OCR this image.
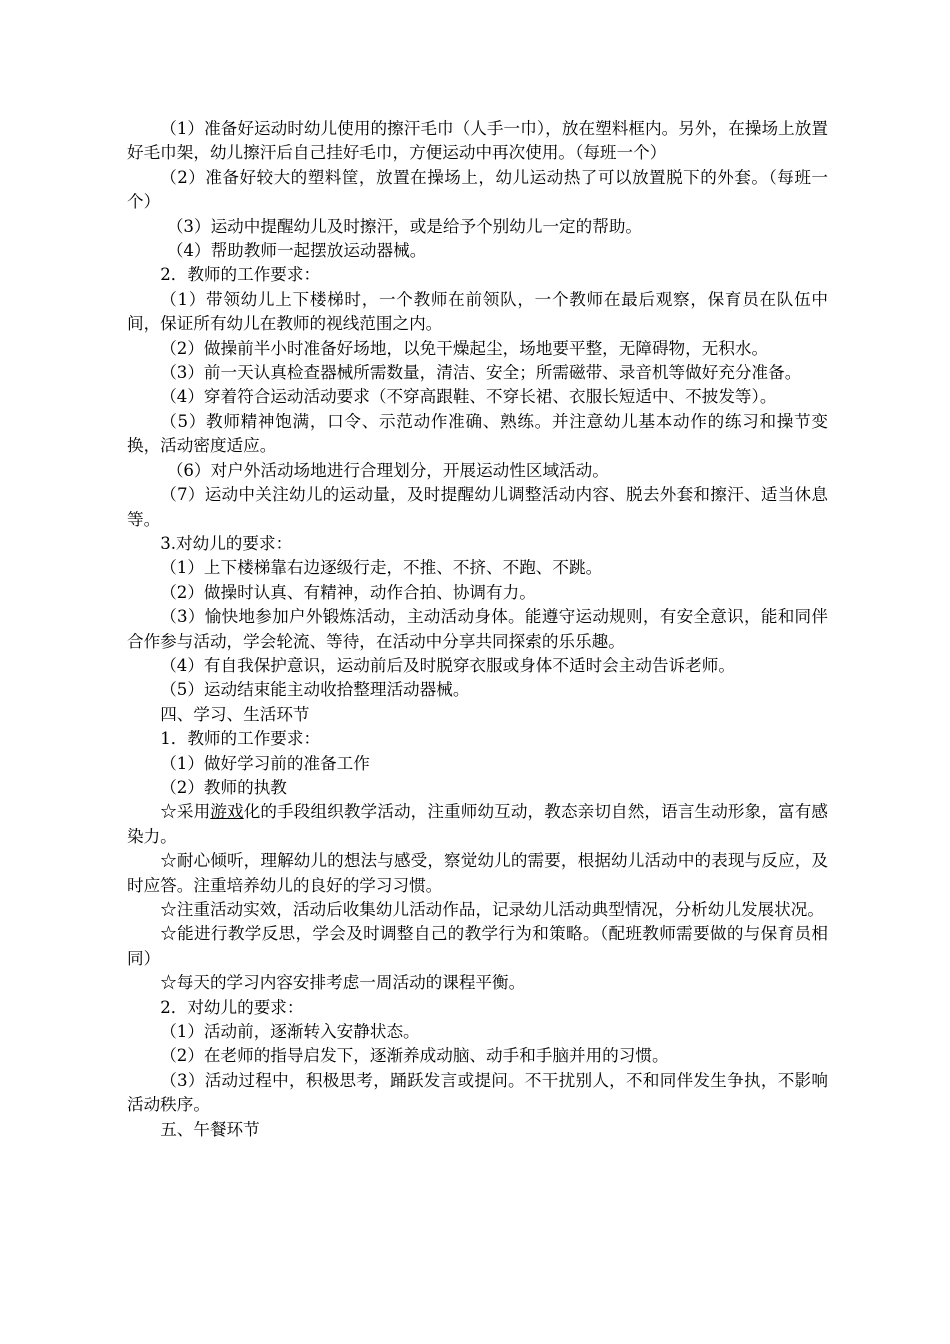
（1）准备好运动时幼儿使用的擦汗毛巾（人手一巾），放在塑料框内。另外，在操场上放置好毛巾架，幼儿擦汗后自己挂好毛巾，方便运动中再次使用。（每班一个）

（2）准备好较大的塑料筐，放置在操场上，幼儿运动热了可以放置脱下的外套。（每班一个）

（3）运动中提醒幼儿及时擦汗，或是给予个别幼儿一定的帮助。

（4）帮助教师一起摆放运动器械。

2．教师的工作要求：

（1）带领幼儿上下楼梯时，一个教师在前领队，一个教师在最后观察，保育员在队伍中间，保证所有幼儿在教师的视线范围之内。

（2）做操前半小时准备好场地，以免干燥起尘，场地要平整，无障碍物，无积水。

（3）前一天认真检查器械所需数量，清洁、安全；所需磁带、录音机等做好充分准备。

（4）穿着符合运动活动要求（不穿高跟鞋、不穿长裙、衣服长短适中、不披发等）。

（5）教师精神饱满，口令、示范动作准确、熟练。并注意幼儿基本动作的练习和操节变换，活动密度适应。

（6）对户外活动场地进行合理划分，开展运动性区域活动。

（7）运动中关注幼儿的运动量，及时提醒幼儿调整活动内容、脱去外套和擦汗、适当休息等。

3.对幼儿的要求：

（1）上下楼梯靠右边逐级行走，不推、不挤、不跑、不跳。

（2）做操时认真、有精神，动作合拍、协调有力。

（3）愉快地参加户外锻炼活动，主动活动身体。能遵守运动规则，有安全意识，能和同伴合作参与活动，学会轮流、等待，在活动中分享共同探索的乐乐趣。

（4）有自我保护意识，运动前后及时脱穿衣服或身体不适时会主动告诉老师。

（5）运动结束能主动收拾整理活动器械。

四、学习、生活环节

1．教师的工作要求：

（1）做好学习前的准备工作

（2）教师的执教

☆采用游戏化的手段组织教学活动，注重师幼互动，教态亲切自然，语言生动形象，富有感染力。

☆耐心倾听，理解幼儿的想法与感受，察觉幼儿的需要，根据幼儿活动中的表现与反应，及时应答。注重培养幼儿的良好的学习习惯。

☆注重活动实效，活动后收集幼儿活动作品，记录幼儿活动典型情况，分析幼儿发展状况。

☆能进行教学反思，学会及时调整自己的教学行为和策略。（配班教师需要做的与保育员相同）

☆每天的学习内容安排考虑一周活动的课程平衡。

2．对幼儿的要求：

（1）活动前，逐渐转入安静状态。

（2）在老师的指导启发下，逐渐养成动脑、动手和手脑并用的习惯。

（3）活动过程中，积极思考，踊跃发言或提问。不干扰别人，不和同伴发生争执，不影响活动秩序。

五、午餐环节
